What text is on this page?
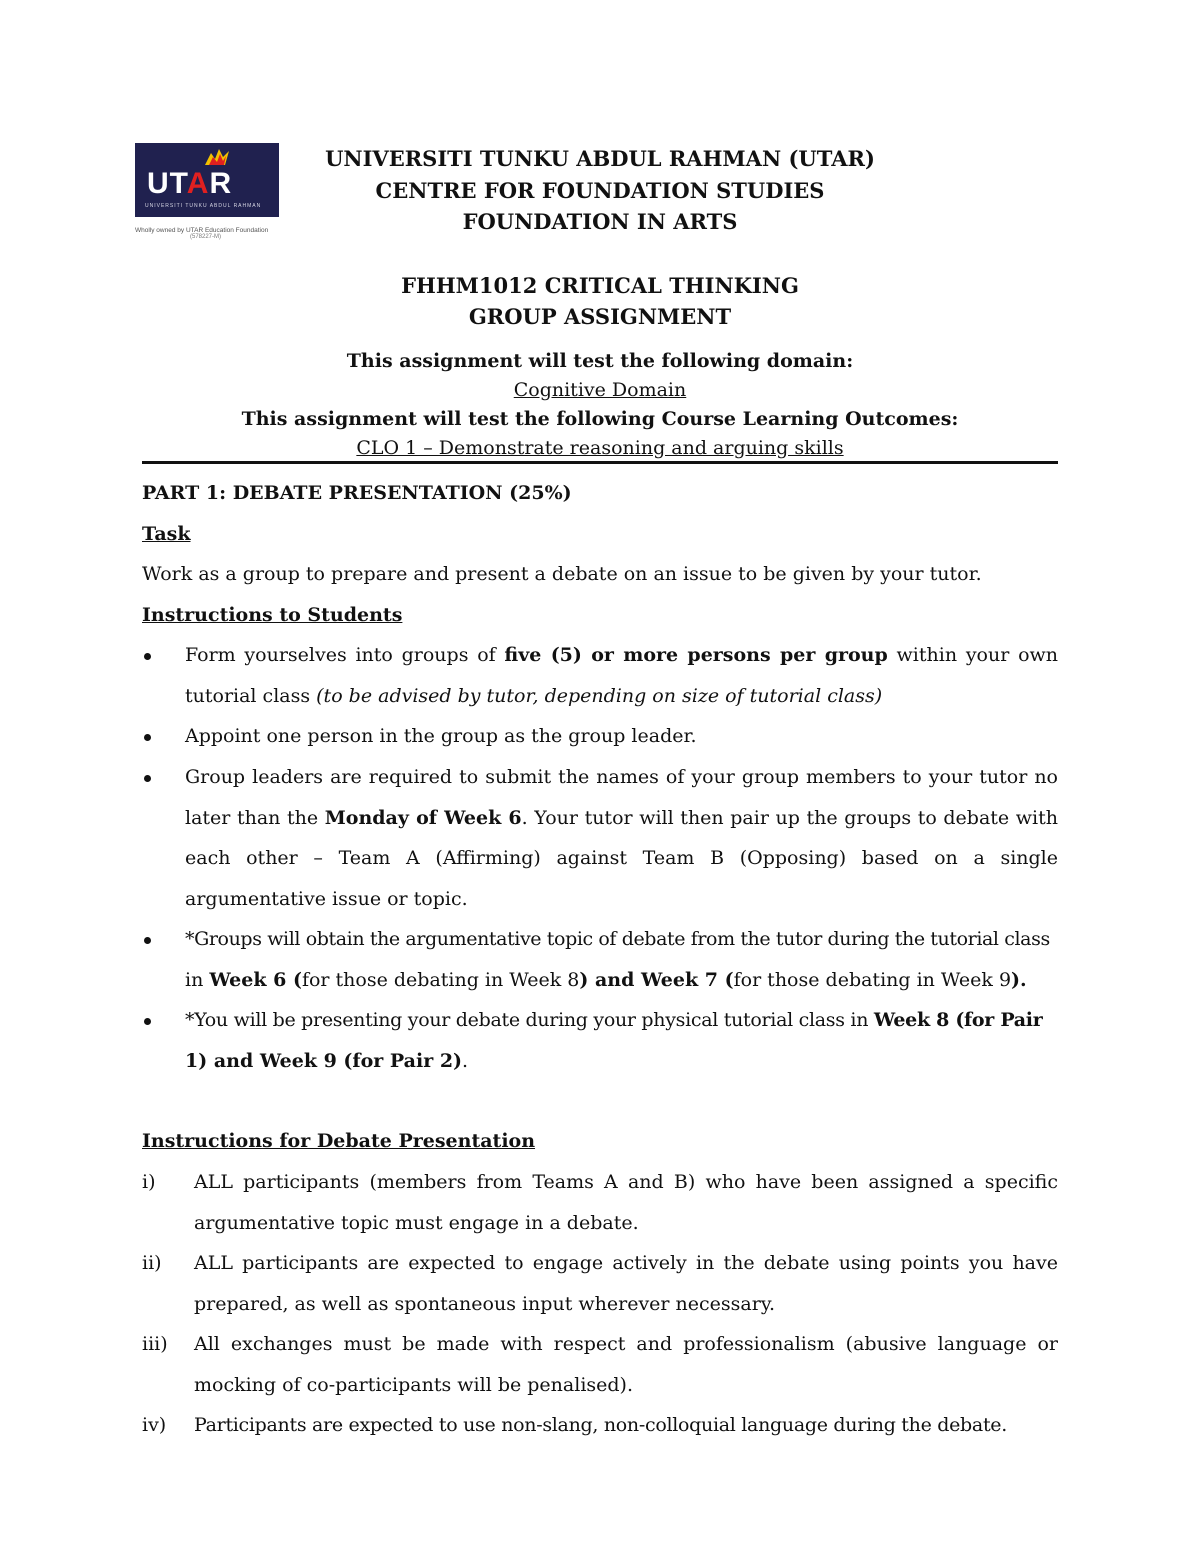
UTAR
UNIVERSITI TUNKU ABDUL RAHMAN
Wholly owned by UTAR Education Foundation
(578227-M)
UNIVERSITI TUNKU ABDUL RAHMAN (UTAR)
CENTRE FOR FOUNDATION STUDIES
FOUNDATION IN ARTS
FHHM1012 CRITICAL THINKING
GROUP ASSIGNMENT
This assignment will test the following domain:
Cognitive Domain
This assignment will test the following Course Learning Outcomes:
CLO 1 – Demonstrate reasoning and arguing skills
PART 1: DEBATE PRESENTATION (25%)
Task
Work as a group to prepare and present a debate on an issue to be given by your tutor.
Instructions to Students
Form yourselves into groups of five (5) or more persons per group within your own
tutorial class (to be advised by tutor, depending on size of tutorial class)
Appoint one person in the group as the group leader.
Group leaders are required to submit the names of your group members to your tutor no
later than the Monday of Week 6. Your tutor will then pair up the groups to debate with
each other – Team A (Affirming) against Team B (Opposing) based on a single
argumentative issue or topic.
*Groups will obtain the argumentative topic of debate from the tutor during the tutorial class
in Week 6 (for those debating in Week 8) and Week 7 (for those debating in Week 9).
*You will be presenting your debate during your physical tutorial class in Week 8 (for Pair
1) and Week 9 (for Pair 2).
Instructions for Debate Presentation
i)	ALL participants (members from Teams A and B) who have been assigned a specific
argumentative topic must engage in a debate.
ii)	ALL participants are expected to engage actively in the debate using points you have
prepared, as well as spontaneous input wherever necessary.
iii)	All exchanges must be made with respect and professionalism (abusive language or
mocking of co-participants will be penalised).
iv)	Participants are expected to use non-slang, non-colloquial language during the debate.
